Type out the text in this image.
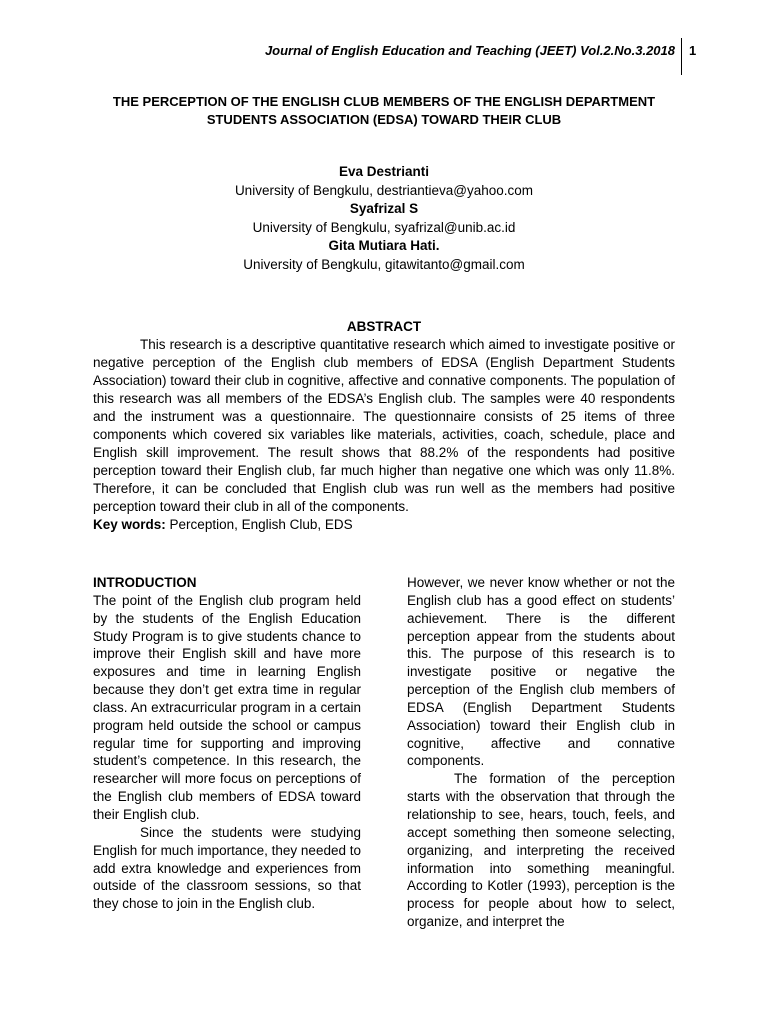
Journal of English Education and Teaching (JEET) Vol.2.No.3.2018 1
THE PERCEPTION OF THE ENGLISH CLUB MEMBERS OF THE ENGLISH DEPARTMENT STUDENTS ASSOCIATION (EDSA) TOWARD THEIR CLUB
Eva Destrianti
University of Bengkulu, destriantieva@yahoo.com
Syafrizal S
University of Bengkulu, syafrizal@unib.ac.id
Gita Mutiara Hati.
University of Bengkulu, gitawitanto@gmail.com

ABSTRACT

This research is a descriptive quantitative research which aimed to investigate positive or negative perception of the English club members of EDSA (English Department Students Association) toward their club in cognitive, affective and connative components. The population of this research was all members of the EDSA’s English club. The samples were 40 respondents and the instrument was a questionnaire. The questionnaire consists of 25 items of three components which covered six variables like materials, activities, coach, schedule, place and English skill improvement. The result shows that 88.2% of the respondents had positive perception toward their English club, far much higher than negative one which was only 11.8%. Therefore, it can be concluded that English club was run well as the members had positive perception toward their club in all of the components.

Key words: Perception, English Club, EDS

INTRODUCTION

The point of the English club program held by the students of the English Education Study Program is to give students chance to improve their English skill and have more exposures and time in learning English because they don’t get extra time in regular class. An extracurricular program in a certain program held outside the school or campus regular time for supporting and improving student’s competence. In this research, the researcher will more focus on perceptions of the English club members of EDSA toward their English club.

Since the students were studying English for much importance, they needed to add extra knowledge and experiences from outside of the classroom sessions, so that they chose to join in the English club.

However, we never know whether or not the English club has a good effect on students’ achievement. There is the different perception appear from the students about this. The purpose of this research is to investigate positive or negative the perception of the English club members of EDSA (English Department Students Association) toward their English club in cognitive, affective and connative components.

The formation of the perception starts with the observation that through the relationship to see, hears, touch, feels, and accept something then someone selecting, organizing, and interpreting the received information into something meaningful. According to Kotler (1993), perception is the process for people about how to select, organize, and interpret the
